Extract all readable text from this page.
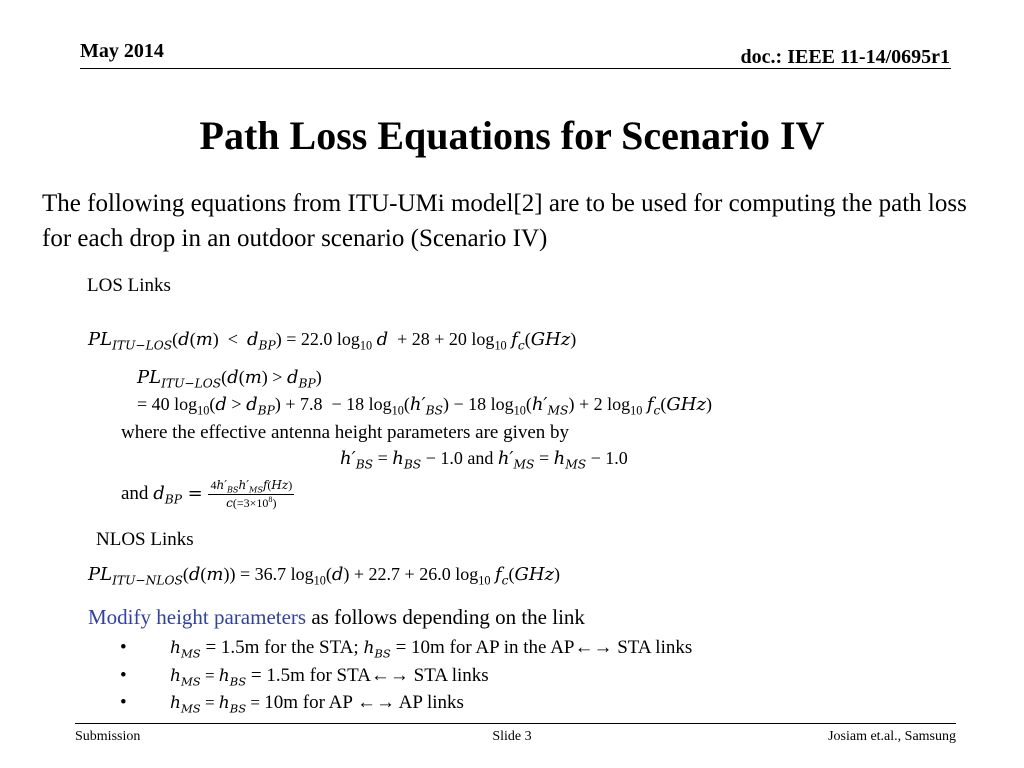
May 2014	doc.: IEEE 11-14/0695r1
Path Loss Equations for Scenario IV
The following equations from ITU-UMi model[2] are to be used for computing the path loss for each drop in an outdoor scenario (Scenario IV)
LOS Links
$PL_{ITU-LOS}(d(m) < d_{BP}) = 22.0$ $\log_{10} d + 28 + 20$ $\log_{10} f_c(GHz)$
$PL_{ITU-LOS}(d(m) > d_{BP})$
= 40 $\log_{10}(d > d_{BP}) + 7.8 - 18$ $\log_{10}(h'_{BS}) - 18$ $\log_{10}(h'_{MS}) + 2$ $\log_{10} f_c(GHz)$
where the effective antenna height parameters are given by
$h'_{BS} = h_{BS} - 1.0$ and $h'_{MS} = h_{MS} - 1.0$
and $d_{BP} = \frac{4h'_{BS}h'_{MS}f(Hz)}{c(=3\times 10^8)}$
NLOS Links
$PL_{ITU-NLOS}(d(m)) = 36.7$ $\log_{10}(d) + 22.7 + 26.0$ $\log_{10} f_c(GHz)$
Modify height parameters as follows depending on the link
•	$h_{MS} = 1.5m$ for the STA; $h_{BS} = 10m$ for AP in the AP←→ STA links
•	$h_{MS} = h_{BS} = 1.5m$ for STA←→ STA links
•	$h_{MS} = h_{BS} = 10m$ for AP ←→ AP links
Submission	Slide 3	Josiam et.al., Samsung
